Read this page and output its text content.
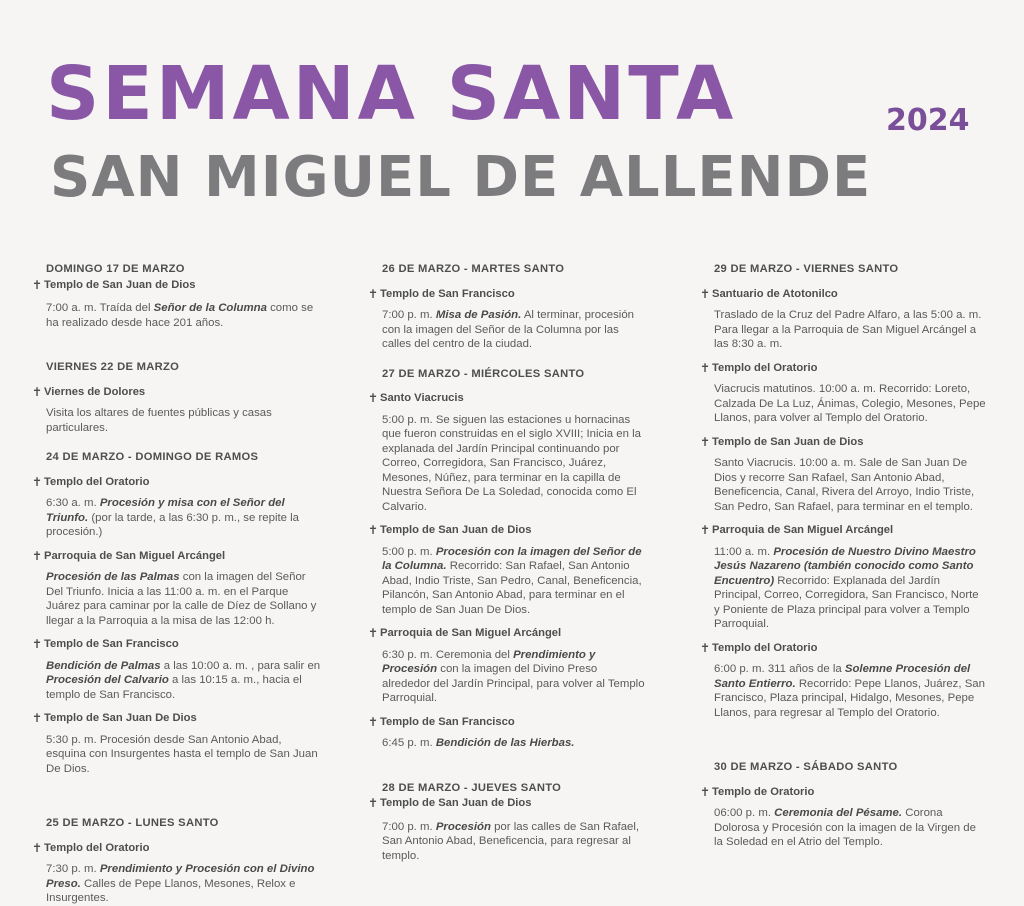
SEMANA SANTA	2024
SAN MIGUEL DE ALLENDE
DOMINGO 17 DE MARZO
✝ Templo de San Juan de Dios

7:00 a. m. Traída del Señor de la Columna como se ha realizado desde hace 201 años.

VIERNES 22 DE MARZO
✝ Viernes de Dolores

Visita los altares de fuentes públicas y casas particulares.

24 DE MARZO - DOMINGO DE RAMOS
✝ Templo del Oratorio

6:30 a. m. Procesión y misa con el Señor del Triunfo. (por la tarde, a las 6:30 p. m., se repite la procesión.)

✝ Parroquia de San Miguel Arcángel

Procesión de las Palmas con la imagen del Señor Del Triunfo. Inicia a las 11:00 a. m. en el Parque Juárez para caminar por la calle de Díez de Sollano y llegar a la Parroquia a la misa de las 12:00 h.

✝ Templo de San Francisco

Bendición de Palmas a las 10:00 a. m. , para salir en Procesión del Calvario a las 10:15 a. m., hacia el templo de San Francisco.

✝ Templo de San Juan De Dios

5:30 p. m. Procesión desde San Antonio Abad, esquina con Insurgentes hasta el templo de San Juan De Dios.

25 DE MARZO - LUNES SANTO
✝ Templo del Oratorio

7:30 p. m. Prendimiento y Procesión con el Divino Preso. Calles de Pepe Llanos, Mesones, Relox e Insurgentes.

26 DE MARZO - MARTES SANTO
✝ Templo de San Francisco

7:00 p. m. Misa de Pasión. Al terminar, procesión con la imagen del Señor de la Columna por las calles del centro de la ciudad.

27 DE MARZO - MIÉRCOLES SANTO
✝ Santo Viacrucis

5:00 p. m. Se siguen las estaciones u hornacinas que fueron construidas en el siglo XVIII; Inicia en la explanada del Jardín Principal continuando por Correo, Corregidora, San Francisco, Juárez, Mesones, Núñez, para terminar en la capilla de Nuestra Señora De La Soledad, conocida como El Calvario.

✝ Templo de San Juan de Dios

5:00 p. m. Procesión con la imagen del Señor de la Columna. Recorrido: San Rafael, San Antonio Abad, Indio Triste, San Pedro, Canal, Beneficencia, Pilancón, San Antonio Abad, para terminar en el templo de San Juan De Dios.

✝ Parroquia de San Miguel Arcángel

6:30 p. m. Ceremonia del Prendimiento y Procesión con la imagen del Divino Preso alrededor del Jardín Principal, para volver al Templo Parroquial.

✝ Templo de San Francisco

6:45 p. m. Bendición de las Hierbas.

28 DE MARZO - JUEVES SANTO
✝ Templo de San Juan de Dios

7:00 p. m. Procesión por las calles de San Rafael, San Antonio Abad, Beneficencia, para regresar al templo.

29 DE MARZO - VIERNES SANTO
✝ Santuario de Atotonilco

Traslado de la Cruz del Padre Alfaro, a las 5:00 a. m. Para llegar a la Parroquia de San Miguel Arcángel a las 8:30 a. m.

✝ Templo del Oratorio

Viacrucis matutinos. 10:00 a. m. Recorrido: Loreto, Calzada De La Luz, Ánimas, Colegio, Mesones, Pepe Llanos, para volver al Templo del Oratorio.

✝ Templo de San Juan de Dios

Santo Viacrucis. 10:00 a. m. Sale de San Juan De Dios y recorre San Rafael, San Antonio Abad, Beneficencia, Canal, Rivera del Arroyo, Indio Triste, San Pedro, San Rafael, para terminar en el templo.

✝ Parroquia de San Miguel Arcángel

11:00 a. m. Procesión de Nuestro Divino Maestro Jesús Nazareno (también conocido como Santo Encuentro) Recorrido: Explanada del Jardín Principal, Correo, Corregidora, San Francisco, Norte y Poniente de Plaza principal para volver a Templo Parroquial.

✝ Templo del Oratorio

6:00 p. m. 311 años de la Solemne Procesión del Santo Entierro. Recorrido: Pepe Llanos, Juárez, San Francisco, Plaza principal, Hidalgo, Mesones, Pepe Llanos, para regresar al Templo del Oratorio.

30 DE MARZO - SÁBADO SANTO
✝ Templo de Oratorio

06:00 p. m. Ceremonia del Pésame. Corona Dolorosa y Procesión con la imagen de la Virgen de la Soledad en el Atrio del Templo.
